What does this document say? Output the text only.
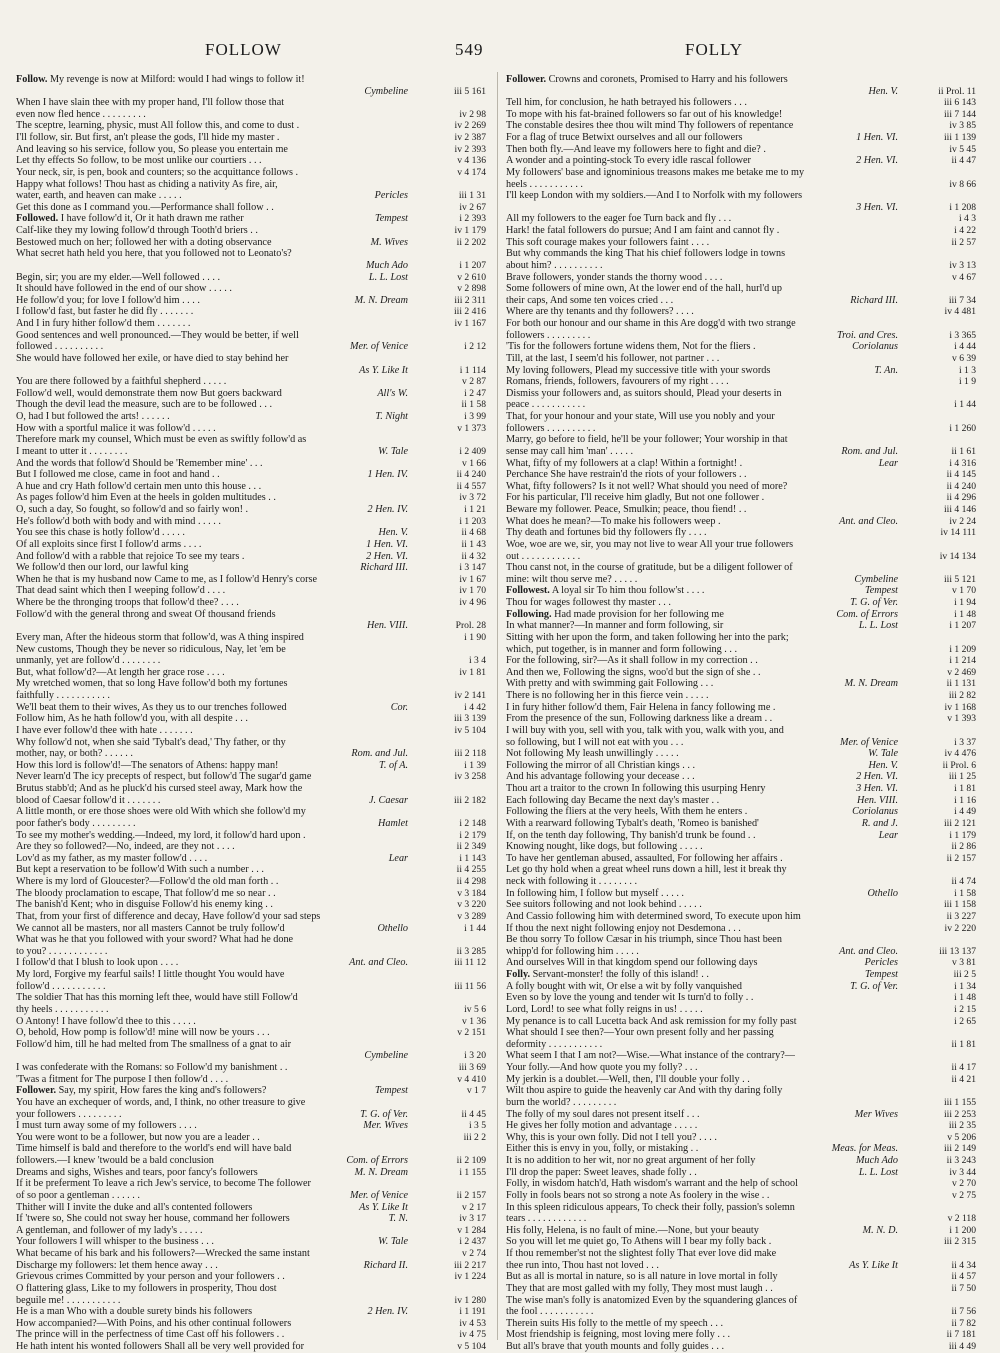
FOLLOW	549	FOLLY
Follow. My revenge is now at Milford: would I had wings to follow it!
Cymbeline	iii 5 161
When I have slain thee with my proper hand, I'll follow those that
even now fled hence . . . . . . . . .	iv 2 98
The sceptre, learning, physic, must All follow this, and come to dust .	iv 2 269
I'll follow, sir. But first, an't please the gods, I'll hide my master .	iv 2 387
And leaving so his service, follow you, So please you entertain me	iv 2 393
Let thy effects So follow, to be most unlike our courtiers . . .	v 4 136
Your neck, sir, is pen, book and counters; so the acquittance follows .	v 4 174
Happy what follows! Thou hast as chiding a nativity As fire, air,
water, earth, and heaven can make . . . . .	Pericles	iii 1 31
Get this done as I command you.—Performance shall follow . .	iv 2 67
Followed. I have follow'd it, Or it hath drawn me rather	Tempest	i 2 393
Calf-like they my lowing follow'd through Tooth'd briers . .	iv 1 179
Bestowed much on her; followed her with a doting observance	M. Wives	ii 2 202
What secret hath held you here, that you followed not to Leonato's?
Much Ado	i 1 207
Begin, sir; you are my elder.—Well followed . . . .	L. L. Lost	v 2 610
It should have followed in the end of our show . . . . .	v 2 898
He follow'd you; for love I follow'd him . . . .	M. N. Dream	iii 2 311
I follow'd fast, but faster he did fly . . . . . . .	iii 2 416
And I in fury hither follow'd them . . . . . . .	iv 1 167
Good sentences and well pronounced.—They would be better, if well
followed . . . . . . . . . .	Mer. of Venice	i 2 12
She would have followed her exile, or have died to stay behind her
As Y. Like It	i 1 114
You are there followed by a faithful shepherd . . . . .	v 2 87
Follow'd well, would demonstrate them now But goers backward	All's W.	i 2 47
Though the devil lead the measure, such are to be followed . . .	ii 1 58
O, had I but followed the arts! . . . . . .	T. Night	i 3 99
How with a sportful malice it was follow'd . . . . .	v 1 373
Therefore mark my counsel, Which must be even as swiftly follow'd as
I meant to utter it . . . . . . . .	W. Tale	i 2 409
And the words that follow'd Should be 'Remember mine' . . .	v 1 66
But I followed me close, came in foot and hand . .	1 Hen. IV.	ii 4 240
A hue and cry Hath follow'd certain men unto this house . . .	ii 4 557
As pages follow'd him Even at the heels in golden multitudes . .	iv 3 72
O, such a day, So fought, so follow'd and so fairly won! .	2 Hen. IV.	i 1 21
He's follow'd both with body and with mind . . . . .	i 1 203
You see this chase is hotly follow'd . . . . .	Hen. V.	ii 4 68
Of all exploits since first I follow'd arms . . . .	1 Hen. VI.	ii 1 43
And follow'd with a rabble that rejoice To see my tears .	2 Hen. VI.	ii 4 32
We follow'd then our lord, our lawful king	Richard III.	i 3 147
When he that is my husband now Came to me, as I follow'd Henry's corse	iv 1 67
That dead saint which then I weeping follow'd . . . .	iv 1 70
Where be the thronging troops that follow'd thee? . . . .	iv 4 96
Follow'd with the general throng and sweat Of thousand friends
Hen. VIII.	Prol. 28
Every man, After the hideous storm that follow'd, was A thing inspired	i 1 90
New customs, Though they be never so ridiculous, Nay, let 'em be
unmanly, yet are follow'd . . . . . . . .	i 3 4
But, what follow'd?—At length her grace rose . . . .	iv 1 81
My wretched women, that so long Have follow'd both my fortunes
faithfully . . . . . . . . . . .	iv 2 141
We'll beat them to their wives, As they us to our trenches followed	Cor.	i 4 42
Follow him, As he hath follow'd you, with all despite . . .	iii 3 139
I have ever follow'd thee with hate . . . . . . .	iv 5 104
Why follow'd not, when she said 'Tybalt's dead,' Thy father, or thy
mother, nay, or both? . . . . . .	Rom. and Jul.	iii 2 118
How this lord is follow'd!—The senators of Athens: happy man!	T. of A.	i 1 39
Never learn'd The icy precepts of respect, but follow'd The sugar'd game	iv 3 258
Brutus stabb'd; And as he pluck'd his cursed steel away, Mark how the
blood of Caesar follow'd it . . . . . . .	J. Caesar	iii 2 182
A little month, or ere those shoes were old With which she follow'd my
poor father's body . . . . . . . . .	Hamlet	i 2 148
To see my mother's wedding.—Indeed, my lord, it follow'd hard upon .	i 2 179
Are they so followed?—No, indeed, are they not . . . .	ii 2 349
Lov'd as my father, as my master follow'd . . . .	Lear	i 1 143
But kept a reservation to be follow'd With such a number . . .	ii 4 255
Where is my lord of Gloucester?—Follow'd the old man forth . .	ii 4 298
The bloody proclamation to escape, That follow'd me so near . .	v 3 184
The banish'd Kent; who in disguise Follow'd his enemy king . .	v 3 220
That, from your first of difference and decay, Have follow'd your sad steps	v 3 289
We cannot all be masters, nor all masters Cannot be truly follow'd	Othello	i 1 44
What was he that you followed with your sword? What had he done
to you? . . . . . . . . . . . .	ii 3 285
I follow'd that I blush to look upon . . . .	Ant. and Cleo.	iii 11 12
My lord, Forgive my fearful sails! I little thought You would have
follow'd . . . . . . . . . . .	iii 11 56
The soldier That has this morning left thee, would have still Follow'd
thy heels . . . . . . . . . . .	iv 5 6
O Antony! I have follow'd thee to this . . . . .	v 1 36
O, behold, How pomp is follow'd! mine will now be yours . . .	v 2 151
Follow'd him, till he had melted from The smallness of a gnat to air
Cymbeline	i 3 20
I was confederate with the Romans: so Follow'd my banishment . .	iii 3 69
'Twas a fitment for The purpose I then follow'd . . . .	v 4 410
Follower. Say, my spirit, How fares the king and's followers?	Tempest	v 1 7
You have an exchequer of words, and, I think, no other treasure to give
your followers . . . . . . . . .	T. G. of Ver.	ii 4 45
I must turn away some of my followers . . . .	Mer. Wives	i 3 5
You were wont to be a follower, but now you are a leader . .	iii 2 2
Time himself is bald and therefore to the world's end will have bald
followers.—I knew 'twould be a bald conclusion	Com. of Errors	ii 2 109
Dreams and sighs, Wishes and tears, poor fancy's followers	M. N. Dream	i 1 155
If it be preferment To leave a rich Jew's service, to become The follower
of so poor a gentleman . . . . . .	Mer. of Venice	ii 2 157
Thither will I invite the duke and all's contented followers	As Y. Like It	v 2 17
If 'twere so, She could not sway her house, command her followers	T. N.	iv 3 17
A gentleman, and follower of my lady's . . . . .	v 1 284
Your followers I will whisper to the business . . .	W. Tale	i 2 437
What became of his bark and his followers?—Wrecked the same instant	v 2 74
Discharge my followers: let them hence away . . .	Richard II.	iii 2 217
Grievous crimes Committed by your person and your followers . .	iv 1 224
O flattering glass, Like to my followers in prosperity, Thou dost
beguile me! . . . . . . . . . . .	iv 1 280
He is a man Who with a double surety binds his followers	2 Hen. IV.	i 1 191
How accompanied?—With Poins, and his other continual followers	iv 4 53
The prince will in the perfectness of time Cast off his followers . .	iv 4 75
He hath intent his wonted followers Shall all be very well provided for	v 5 104
Follower. Crowns and coronets, Promised to Harry and his followers
Hen. V.	ii Prol. 11
Tell him, for conclusion, he hath betrayed his followers . . .	iii 6 143
To mope with his fat-brained followers so far out of his knowledge!	iii 7 144
The constable desires thee thou wilt mind Thy followers of repentance	iv 3 85
For a flag of truce Betwixt ourselves and all our followers	1 Hen. VI.	iii 1 139
Then both fly.—And leave my followers here to fight and die? .	iv 5 45
A wonder and a pointing-stock To every idle rascal follower	2 Hen. VI.	ii 4 47
My followers' base and ignominious treasons makes me betake me to my
heels . . . . . . . . . . .	iv 8 66
I'll keep London with my soldiers.—And I to Norfolk with my followers
3 Hen. VI.	i 1 208
All my followers to the eager foe Turn back and fly . . .	i 4 3
Hark! the fatal followers do pursue; And I am faint and cannot fly .	i 4 22
This soft courage makes your followers faint . . . .	ii 2 57
But why commands the king That his chief followers lodge in towns
about him? . . . . . . . . . .	iv 3 13
Brave followers, yonder stands the thorny wood . . . .	v 4 67
Some followers of mine own, At the lower end of the hall, hurl'd up
their caps, And some ten voices cried . . .	Richard III.	iii 7 34
Where are thy tenants and thy followers? . . . .	iv 4 481
For both our honour and our shame in this Are dogg'd with two strange
followers . . . . . . . . .	Troi. and Cres.	i 3 365
'Tis for the followers fortune widens them, Not for the fliers .	Coriolanus	i 4 44
Till, at the last, I seem'd his follower, not partner . . .	v 6 39
My loving followers, Plead my successive title with your swords	T. An.	i 1 3
Romans, friends, followers, favourers of my right . . . .	i 1 9
Dismiss your followers and, as suitors should, Plead your deserts in
peace . . . . . . . . . . .	i 1 44
That, for your honour and your state, Will use you nobly and your
followers . . . . . . . . . .	i 1 260
Marry, go before to field, he'll be your follower; Your worship in that
sense may call him 'man' . . . . .	Rom. and Jul.	ii 1 61
What, fifty of my followers at a clap! Within a fortnight! .	Lear	i 4 316
Perchance She have restrain'd the riots of your followers . .	ii 4 145
What, fifty followers? Is it not well? What should you need of more?	ii 4 240
For his particular, I'll receive him gladly, But not one follower .	ii 4 296
Beware my follower. Peace, Smulkin; peace, thou fiend! . .	iii 4 146
What does he mean?—To make his followers weep .	Ant. and Cleo.	iv 2 24
Thy death and fortunes bid thy followers fly . . . .	iv 14 111
Woe, woe are we, sir, you may not live to wear All your true followers
out . . . . . . . . . . . .	iv 14 134
Thou canst not, in the course of gratitude, but be a diligent follower of
mine: wilt thou serve me? . . . . .	Cymbeline	iii 5 121
Followest. A loyal sir To him thou follow'st . . . .	Tempest	v 1 70
Thou for wages followest thy master . . .	T. G. of Ver.	i 1 94
Following. Had made provision for her following me	Com. of Errors	i 1 48
In what manner?—In manner and form following, sir	L. L. Lost	i 1 207
Sitting with her upon the form, and taken following her into the park;
which, put together, is in manner and form following . . .	i 1 209
For the following, sir?—As it shall follow in my correction . .	i 1 214
And then we, Following the signs, woo'd but the sign of she . .	v 2 469
With pretty and with swimming gait Following . . .	M. N. Dream	ii 1 131
There is no following her in this fierce vein . . . . .	iii 2 82
I in fury hither follow'd them, Fair Helena in fancy following me .	iv 1 168
From the presence of the sun, Following darkness like a dream . .	v 1 393
I will buy with you, sell with you, talk with you, walk with you, and
so following, but I will not eat with you . . .	Mer. of Venice	i 3 37
Not following My leash unwillingly . . . . .	W. Tale	iv 4 476
Following the mirror of all Christian kings . . .	Hen. V.	ii Prol. 6
And his advantage following your decease . . .	2 Hen. VI.	iii 1 25
Thou art a traitor to the crown In following this usurping Henry	3 Hen. VI.	i 1 81
Each following day Became the next day's master . .	Hen. VIII.	i 1 16
Following the fliers at the very heels, With them he enters .	Coriolanus	i 4 49
With a rearward following Tybalt's death, 'Romeo is banished'	R. and J.	iii 2 121
If, on the tenth day following, Thy banish'd trunk be found . .	Lear	i 1 179
Knowing nought, like dogs, but following . . . . .	ii 2 86
To have her gentleman abused, assaulted, For following her affairs .	ii 2 157
Let go thy hold when a great wheel runs down a hill, lest it break thy
neck with following it . . . . . . . .	ii 4 74
In following him, I follow but myself . . . . .	Othello	i 1 58
See suitors following and not look behind . . . . .	iii 1 158
And Cassio following him with determined sword, To execute upon him	ii 3 227
If thou the next night following enjoy not Desdemona . . .	iv 2 220
Be thou sorry To follow Cæsar in his triumph, since Thou hast been
whipp'd for following him . . . . .	Ant. and Cleo.	iii 13 137
And ourselves Will in that kingdom spend our following days	Pericles	v 3 81
Folly. Servant-monster! the folly of this island! . .	Tempest	iii 2 5
A folly bought with wit, Or else a wit by folly vanquished	T. G. of Ver.	i 1 34
Even so by love the young and tender wit Is turn'd to folly . .	i 1 48
Lord, Lord! to see what folly reigns in us! . . . . .	i 2 15
My penance is to call Lucetta back And ask remission for my folly past	i 2 65
What should I see then?—Your own present folly and her passing
deformity . . . . . . . . . . .	ii 1 81
What seem I that I am not?—Wise.—What instance of the contrary?—
Your folly.—And how quote you my folly? . . .	ii 4 17
My jerkin is a doublet.—Well, then, I'll double your folly . .	ii 4 21
Wilt thou aspire to guide the heavenly car And with thy daring folly
burn the world? . . . . . . . . .	iii 1 155
The folly of my soul dares not present itself . . .	Mer Wives	iii 2 253
He gives her folly motion and advantage . . . . .	iii 2 35
Why, this is your own folly. Did not I tell you? . . . .	v 5 206
Either this is envy in you, folly, or mistaking . .	Meas. for Meas.	iii 2 149
It is no addition to her wit, nor no great argument of her folly	Much Ado	ii 3 243
I'll drop the paper: Sweet leaves, shade folly . .	L. L. Lost	iv 3 44
Folly, in wisdom hatch'd, Hath wisdom's warrant and the help of school	v 2 70
Folly in fools bears not so strong a note As foolery in the wise . .	v 2 75
In this spleen ridiculous appears, To check their folly, passion's solemn
tears . . . . . . . . . . . .	v 2 118
His folly, Helena, is no fault of mine.—None, but your beauty	M. N. D.	i 1 200
So you will let me quiet go, To Athens will I bear my folly back .	iii 2 315
If thou remember'st not the slightest folly That ever love did make
thee run into, Thou hast not loved . . .	As Y. Like It	ii 4 34
But as all is mortal in nature, so is all nature in love mortal in folly	ii 4 57
They that are most galled with my folly, They most must laugh . .	ii 7 50
The wise man's folly is anatomized Even by the squandering glances of
the fool . . . . . . . . . . .	ii 7 56
Therein suits His folly to the mettle of my speech . . .	ii 7 82
Most friendship is feigning, most loving mere folly . . .	ii 7 181
But all's brave that youth mounts and folly guides . . .	iii 4 49
